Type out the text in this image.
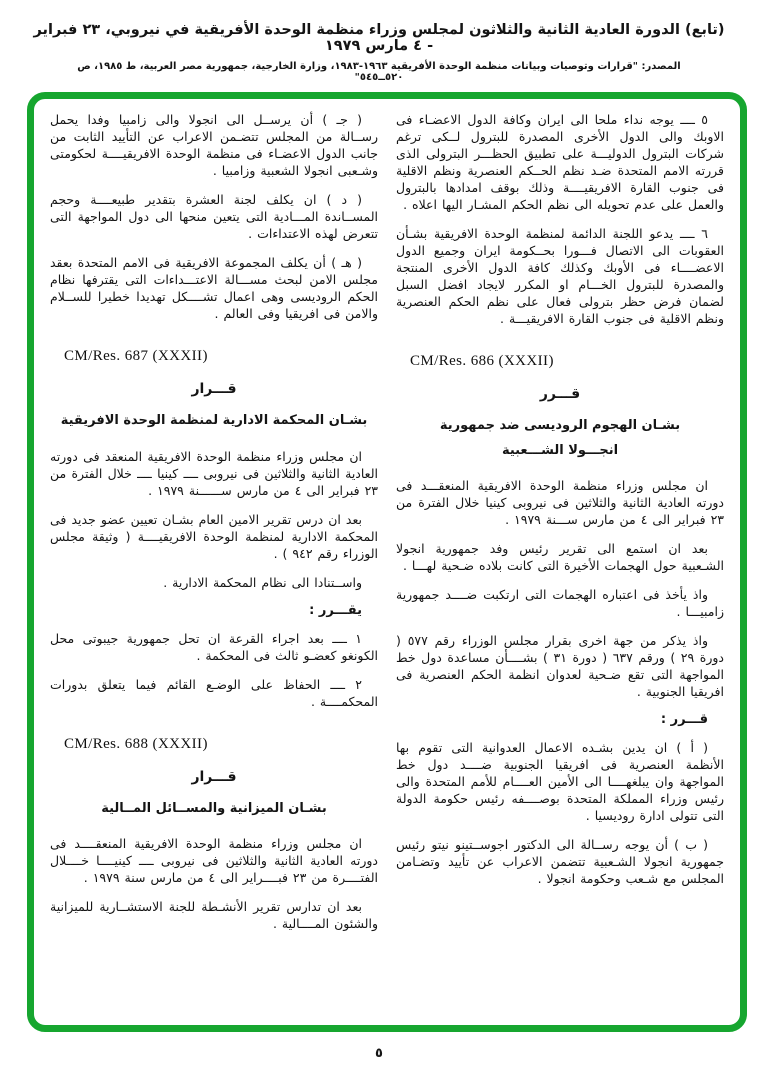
(تابع) الدورة العادية الثانية والثلاثون لمجلس وزراء منظمة الوحدة الأفريقية في نيروبي، ٢٣ فبراير - ٤ مارس ١٩٧٩
المصدر: "قرارات وتوصيات وبيانات منظمة الوحدة الأفريقية ١٩٦٣-١٩٨٣، وزارة الخارجية، جمهورية مصر العربية، ط ١٩٨٥، ص ٥٢٠ــ٥٤٥"

٥ ــــ يوجه نداء ملحا الى ايران وكافة الدول الاعضـاء فى الاوبك والى الدول الأخرى المصدرة للبترول لــكى ترغم شركات البترول الدوليـــة على تطبيق الحظـــر البترولى الذى قررته الامم المتحدة ضـد نظم الحــكم العنصرية ونظم الاقلية فى جنوب القارة الافريقيــــة وذلك بوقف امدادها بالبترول والعمل على عدم تحويله الى نظم الحكم المشـار اليها اعلاه .

٦ ــــ يدعو اللجنة الدائمة لمنظمة الوحدة الافريقية بشـأن العقوبات الى الاتصال فـــورا بحــكومة ايران وجميع الدول الاعضــــاء فى الأوبك وكذلك كافة الدول الأخرى المنتجة والمصدرة للبترول الخـــام او المكرر لايجاد افضل السبل لضمان فرض حظر بترولى فعال على نظم الحكم العنصرية ونظم الاقلية فى جنوب القارة الافريقيـــة .

CM/Res. 686 (XXXII)
قـــرر
بشـان الهجوم الروديسى ضد جمهورية
انجـــولا الشـــعبية

ان مجلس وزراء منظمة الوحدة الافريقية المنعقـــد فى دورته العادية الثانية والثلاثين فى نيروبى كينيا خلال الفترة من ٢٣ فبراير الى ٤ من مارس ســـنة ١٩٧٩ .

بعد ان استمع الى تقرير رئيس وفد جمهورية انجولا الشـعبية حول الهجمات الأخيرة التى كانت بلاده ضـحية لهـــا .

واذ يأخذ فى اعتباره الهجمات التى ارتكبت ضــــد جمهورية زامبيـــا .

واذ يذكر من جهة اخرى بقرار مجلس الوزراء رقم ٥٧٧ ( دورة ٢٩ ) ورقم ٦٣٧ ( دورة ٣١ ) بشــــأن مساعدة دول خط المواجهة التى تقع ضـحية لعدوان انظمة الحكم العنصرية فى افريقيا الجنوبية .

قـــرر :

( أ ) ان يدين بشـده الاعمال العدوانية التى تقوم بها الأنظمة العنصرية فى افريقيا الجنوبية ضــــد دول خط المواجهة وان يبلغهــــا الى الأمين العــــام للأمم المتحدة والى رئيس وزراء المملكة المتحدة بوصــــفه رئيس حكومة الدولة التى تتولى ادارة روديسيا .

( ب ) أن يوجه رســالة الى الدكتور اجوســتينو نيتو رئيس جمهورية انجولا الشـعبية تتضمن الاعراب عن تأييد وتضـامن المجلس مع شـعب وحكومة انجولا .

( جـ ) أن يرســل الى انجولا والى زامبيا وفدا يحمل رســالة من المجلس تتضـمن الاعراب عن التأييد الثابت من جانب الدول الاعضـاء فى منظمة الوحدة الافريقيــــة لحكومتى وشـعبى انجولا الشعبية وزامبيا .

( د ) ان يكلف لجنة العشرة بتقدير طبيعــــة وحجم المســاندة المـــادية التى يتعين منحها الى دول المواجهة التى تتعرض لهذه الاعتداءات .

( هـ ) أن يكلف المجموعة الافريقية فى الامم المتحدة بعقد مجلس الامن لبحث مســـالة الاعتـــداءات التى يقترفها نظام الحكم الروديسى وهى اعمال تشــــكل تهديدا خطيرا للســلام والامن فى افريقيا وفى العالم .

CM/Res. 687 (XXXII)
قـــرار
بشـان المحكمة الادارية لمنظمة الوحدة الافريقية

ان مجلس وزراء منظمة الوحدة الافريقية المنعقد فى دورته العادية الثانية والثلاثين فى نيروبى ــــ كينيا ــــ خلال الفترة من ٢٣ فبراير الى ٤ من مارس ســــــنة ١٩٧٩ .

بعد ان درس تقرير الامين العام بشـان تعيين عضو جديد فى المحكمة الادارية لمنظمة الوحدة الافريقيــــة ( وثيقة مجلس الوزراء رقم ٩٤٢ ) .

واســتنادا الى نظام المحكمة الادارية .

يقـــرر :

١ ــــ بعد اجراء القرعة ان تحل جمهورية جيبوتى محل الكونغو كعضـو ثالث فى المحكمة .

٢ ــــ الحفاظ على الوضـع القائم فيما يتعلق بدورات المحكمــــة .

CM/Res. 688 (XXXII)
قـــرار
بشـان الميزانية والمســائل المــالية

ان مجلس وزراء منظمة الوحدة الافريقية المنعقــــد فى دورته العادية الثانية والثلاثين فى نيروبى ــــ كينيــــا خــــلال الفتــــرة من ٢٣ فبــــراير الى ٤ من مارس سنة ١٩٧٩ .

بعد ان تدارس تقرير الأنشـطة للجنة الاستشــارية للميزانية والشئون المــــالية .

٥
